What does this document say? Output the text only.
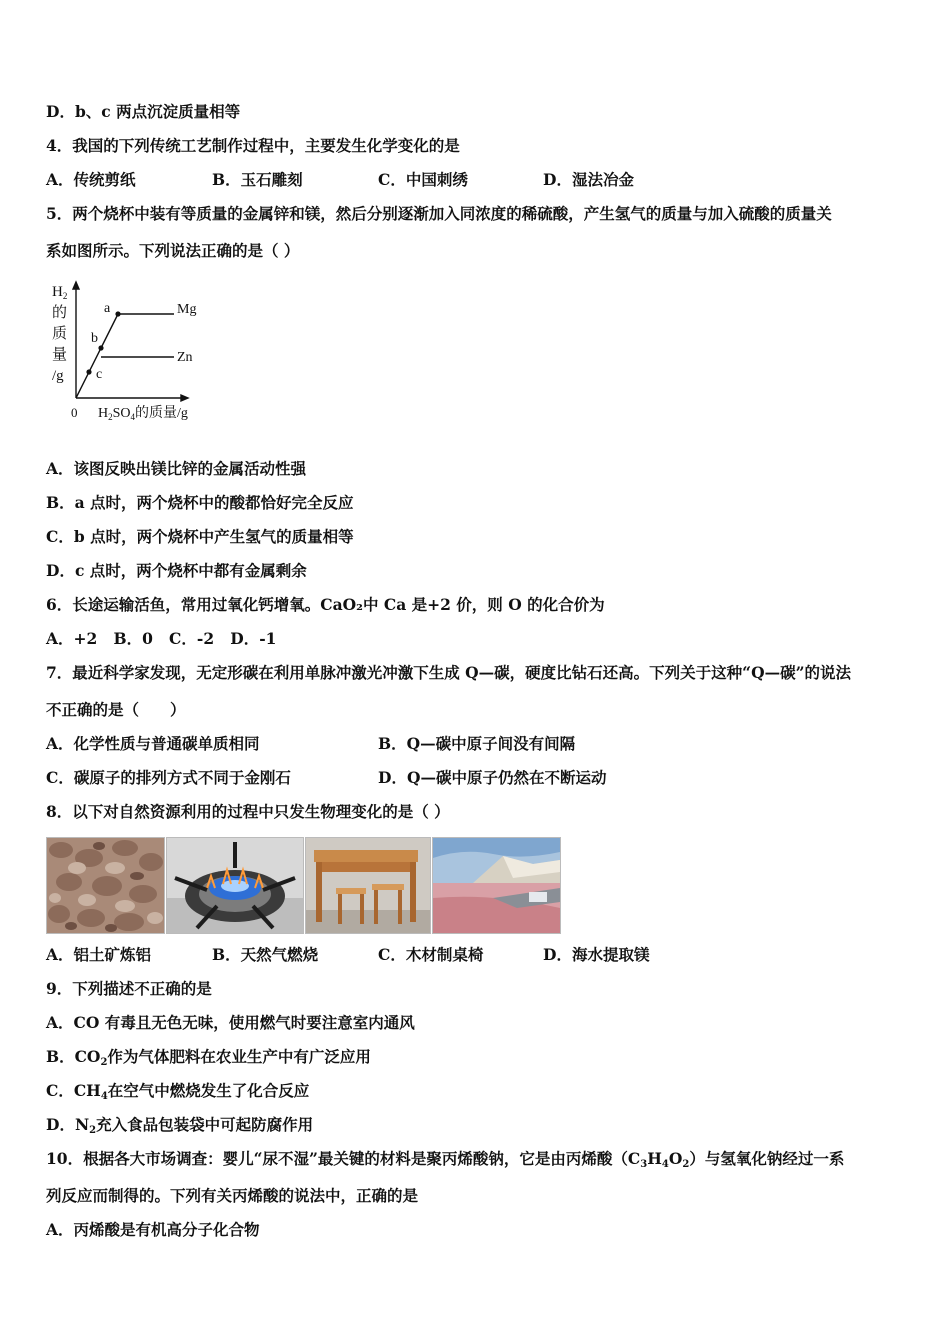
D．b、c 两点沉淀质量相等
4．我国的下列传统工艺制作过程中，主要发生化学变化的是
A．传统剪纸	B．玉石雕刻	C．中国刺绣	D．湿法冶金
5．两个烧杯中装有等质量的金属锌和镁，然后分别逐渐加入同浓度的稀硫酸，产生氢气的质量与加入硫酸的质量关
系如图所示。下列说法正确的是（ ）
$H_2$
的
质
量
/g
0 $H_2SO_4$的质量/g
Mg
Zn
a
b
c
A．该图反映出镁比锌的金属活动性强
B．a 点时，两个烧杯中的酸都恰好完全反应
C．b 点时，两个烧杯中产生氢气的质量相等
D．c 点时，两个烧杯中都有金属剩余
6．长途运输活鱼，常用过氧化钙增氧。CaO₂中 Ca 是+2 价，则 O 的化合价为
A．+2   B．0   C．-2   D．-1
7．最近科学家发现，无定形碳在利用单脉冲激光冲激下生成 Q—碳，硬度比钻石还高。下列关于这种“Q—碳”的说法
不正确的是（　　）
A．化学性质与普通碳单质相同	B．Q—碳中原子间没有间隔
C．碳原子的排列方式不同于金刚石	D．Q—碳中原子仍然在不断运动
8．以下对自然资源利用的过程中只发生物理变化的是（ ）
A．铝土矿炼铝	B．天然气燃烧	C．木材制桌椅	D．海水提取镁
9．下列描述不正确的是
A．CO 有毒且无色无味，使用燃气时要注意室内通风
B．$CO_2$作为气体肥料在农业生产中有广泛应用
C．$CH_4$在空气中燃烧发生了化合反应
D．$N_2$充入食品包装袋中可起防腐作用
10．根据各大市场调查：婴儿“尿不湿”最关键的材料是聚丙烯酸钠，它是由丙烯酸$(C_3H_4O_2)$与氢氧化钠经过一系
列反应而制得的。下列有关丙烯酸的说法中，正确的是
A．丙烯酸是有机高分子化合物
